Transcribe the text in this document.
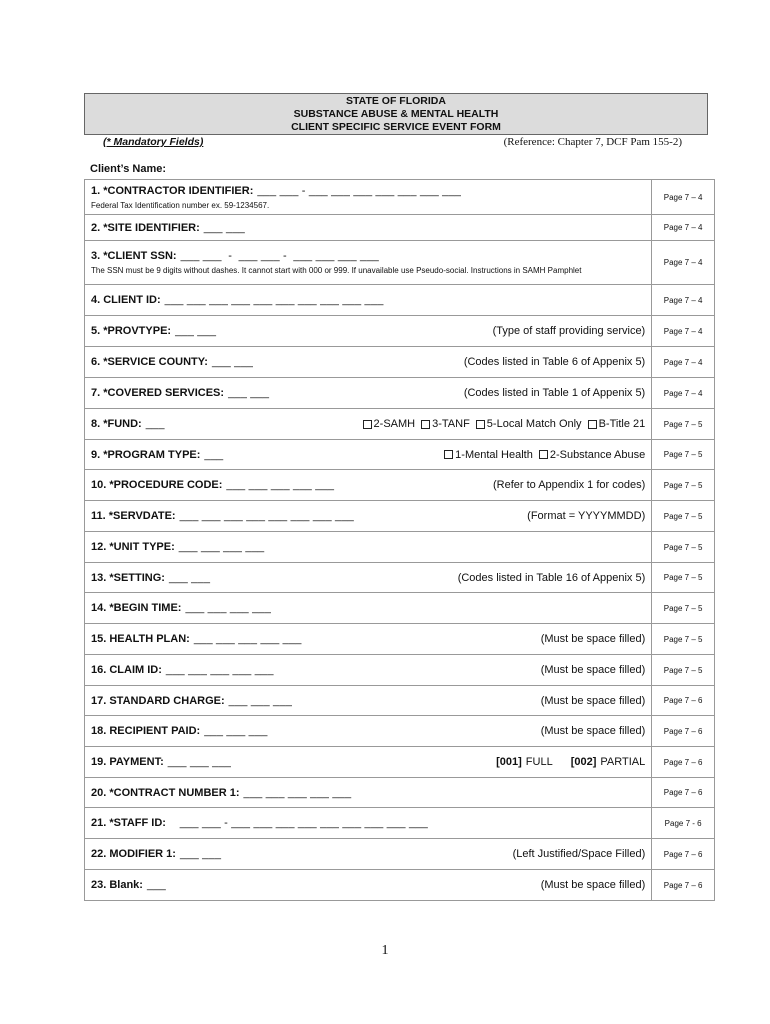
STATE OF FLORIDA
SUBSTANCE ABUSE & MENTAL HEALTH
CLIENT SPECIFIC SERVICE EVENT FORM
(* Mandatory Fields)	(Reference: Chapter 7, DCF Pam 155-2)
Client’s Name:
1. *CONTRACTOR IDENTIFIER: ___ ___ - ___ ___ ___ ___ ___ ___ ___
Federal Tax Identification number ex. 59-1234567.	Page 7 – 4

2. *SITE IDENTIFIER: ___ ___	Page 7 – 4

3. *CLIENT SSN: ___ ___  -  ___ ___ -  ___ ___ ___ ___
The SSN must be 9 digits without dashes. It cannot start with 000 or 999. If unavailable use Pseudo-social. Instructions in SAMH Pamphlet	Page 7 – 4

4. CLIENT ID: ___ ___ ___ ___ ___ ___ ___ ___ ___ ___	Page 7 – 4

5. *PROVTYPE: ___ ___ (Type of staff providing service)	Page 7 – 4

6. *SERVICE COUNTY: ___ ___ (Codes listed in Table 6 of Appenix 5)	Page 7 – 4

7. *COVERED SERVICES: ___ ___ (Codes listed in Table 1 of Appenix 5)	Page 7 – 4

8. *FUND: ___ 2-SAMH 3-TANF 5-Local Match Only B-Title 21	Page 7 – 5

9. *PROGRAM TYPE: ___ 1-Mental Health 2-Substance Abuse	Page 7 – 5

10. *PROCEDURE CODE: ___ ___ ___ ___ ___ (Refer to Appendix 1 for codes)	Page 7 – 5

11. *SERVDATE: ___ ___ ___ ___ ___ ___ ___ ___ (Format = YYYYMMDD)	Page 7 – 5

12. *UNIT TYPE: ___ ___ ___ ___	Page 7 – 5

13. *SETTING: ___ ___ (Codes listed in Table 16 of Appenix 5)	Page 7 – 5

14. *BEGIN TIME: ___ ___ ___ ___	Page 7 – 5

15. HEALTH PLAN: ___ ___ ___ ___ ___ (Must be space filled)	Page 7 – 5

16. CLAIM ID: ___ ___ ___ ___ ___ (Must be space filled)	Page 7 – 5

17. STANDARD CHARGE: ___ ___ ___ (Must be space filled)	Page 7 – 6

18. RECIPIENT PAID: ___ ___ ___ (Must be space filled)	Page 7 – 6

19. PAYMENT: ___ ___ ___ [001] FULL [002] PARTIAL	Page 7 – 6

20. *CONTRACT NUMBER 1: ___ ___ ___ ___ ___	Page 7 – 6

21. *STAFF ID:   ___ ___ - ___ ___ ___ ___ ___ ___ ___ ___ ___	Page 7 - 6

22. MODIFIER 1: ___ ___ (Left Justified/Space Filled)	Page 7 – 6

23. Blank: ___ (Must be space filled)	Page 7 – 6
1
